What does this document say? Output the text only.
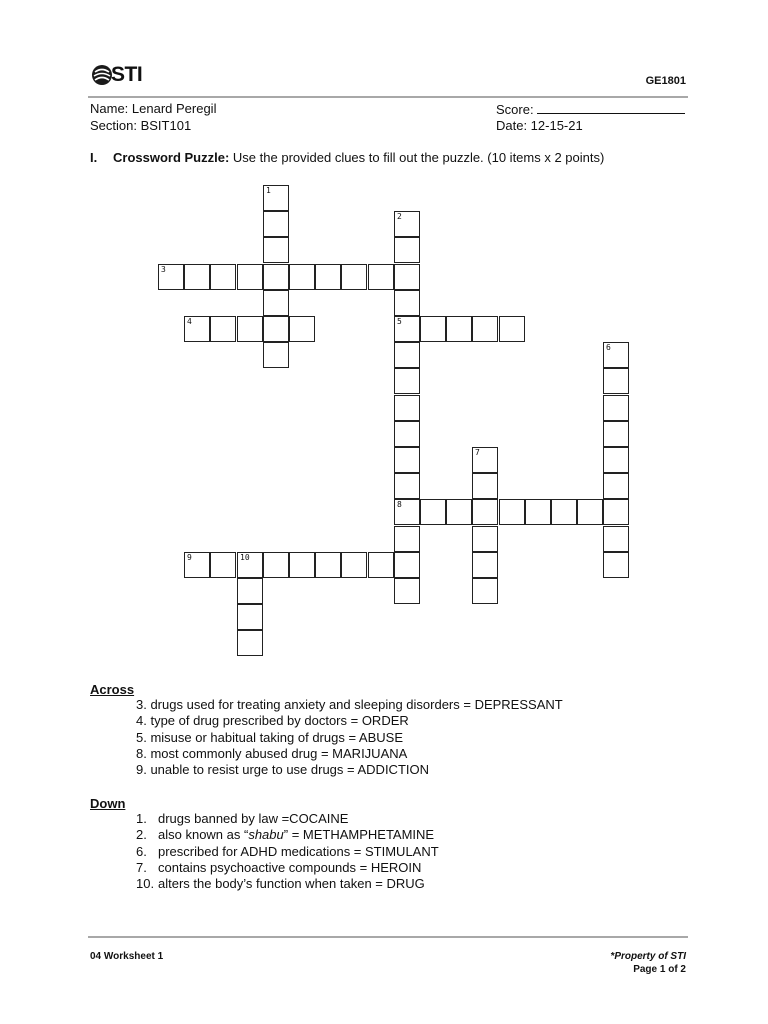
STI	GE1801
Name: Lenard Peregil
Section: BSIT101
Score:
Date: 12-15-21
I. Crossword Puzzle: Use the provided clues to fill out the puzzle. (10 items x 2 points)
3
4	5
8
9	10
1
2
6
7
Across
3. drugs used for treating anxiety and sleeping disorders = DEPRESSANT
4. type of drug prescribed by doctors = ORDER
5. misuse or habitual taking of drugs = ABUSE
8. most commonly abused drug = MARIJUANA
9. unable to resist urge to use drugs = ADDICTION
Down
1. drugs banned by law =COCAINE
2. also known as “shabu” = METHAMPHETAMINE
6. prescribed for ADHD medications = STIMULANT
7. contains psychoactive compounds = HEROIN
10. alters the body’s function when taken = DRUG
04 Worksheet 1	*Property of STI
Page 1 of 2
